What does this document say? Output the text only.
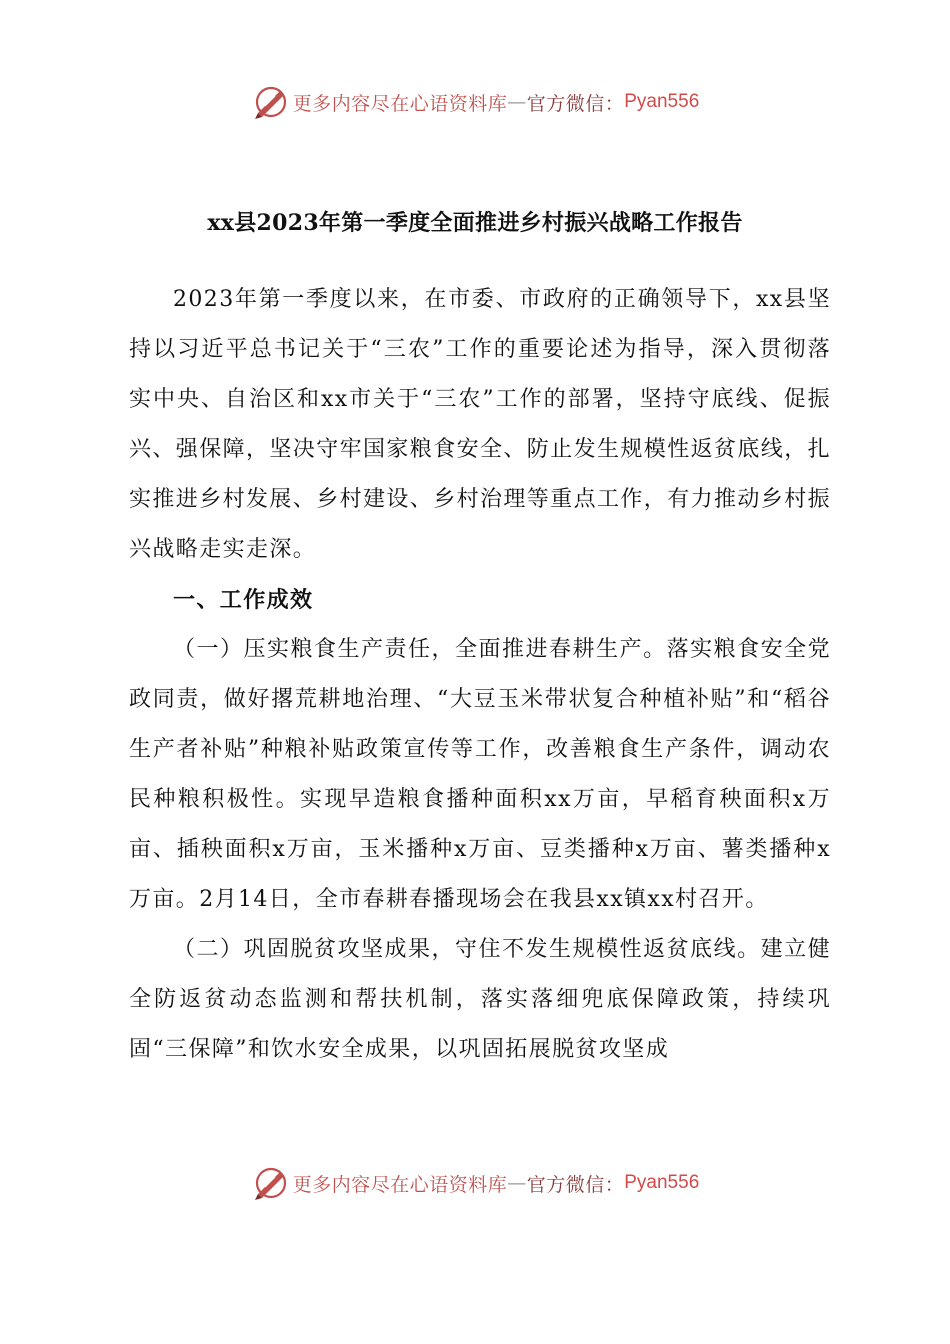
更多内容尽在心语资料库 — 官方微信： Pyan556
xx县2023年第一季度全面推进乡村振兴战略工作报告

2023年第一季度以来，在市委、市政府的正确领导下，xx县坚持以习近平总书记关于“三农”工作的重要论述为指导，深入贯彻落实中央、自治区和xx市关于“三农”工作的部署，坚持守底线、促振兴、强保障，坚决守牢国家粮食安全、防止发生规模性返贫底线，扎实推进乡村发展、乡村建设、乡村治理等重点工作，有力推动乡村振兴战略走实走深。

一、工作成效

（一）压实粮食生产责任，全面推进春耕生产。落实粮食安全党政同责，做好撂荒耕地治理、“大豆玉米带状复合种植补贴”和“稻谷生产者补贴”种粮补贴政策宣传等工作，改善粮食生产条件，调动农民种粮积极性。实现早造粮食播种面积xx万亩，早稻育秧面积x万亩、插秧面积x万亩，玉米播种x万亩、豆类播种x万亩、薯类播种x万亩。2月14日，全市春耕春播现场会在我县xx镇xx村召开。

（二）巩固脱贫攻坚成果，守住不发生规模性返贫底线。建立健全防返贫动态监测和帮扶机制，落实落细兜底保障政策，持续巩固“三保障”和饮水安全成果，以巩固拓展脱贫攻坚成

更多内容尽在心语资料库 — 官方微信： Pyan556
